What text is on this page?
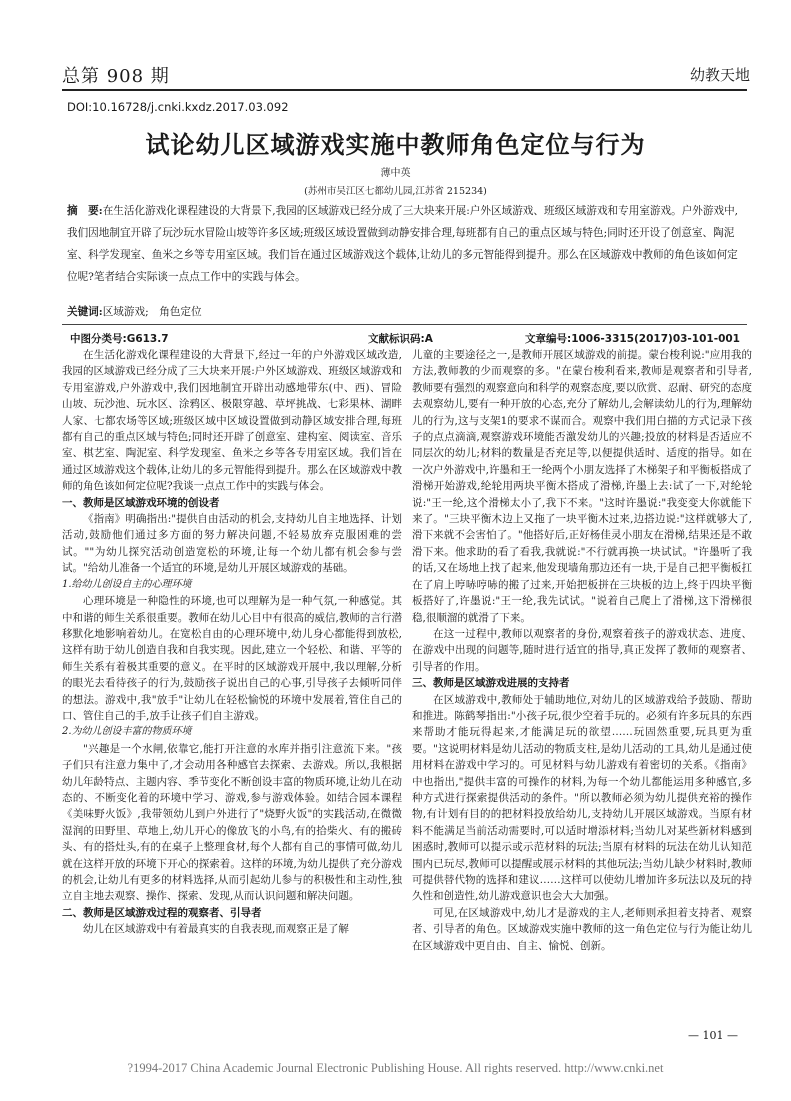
总第 908 期	幼教天地
DOI:10.16728/j.cnki.kxdz.2017.03.092
试论幼儿区域游戏实施中教师角色定位与行为
薄中英
(苏州市吴江区七都幼儿园,江苏省 215234)
摘　要:在生活化游戏化课程建设的大背景下,我园的区域游戏已经分成了三大块来开展:户外区域游戏、班级区域游戏和专用室游戏。户外游戏中,我们因地制宜开辟了玩沙玩水冒险山坡等许多区域;班级区域设置做到动静安排合理,每班都有自己的重点区域与特色;同时还开设了创意室、陶泥室、科学发现室、鱼米之乡等专用室区域。我们旨在通过区域游戏这个载体,让幼儿的多元智能得到提升。那么在区域游戏中教师的角色该如何定位呢?笔者结合实际谈一点点工作中的实践与体会。
关键词:区域游戏;　角色定位
中图分类号:G613.7	文献标识码:A	文章编号:1006-3315(2017)03-101-001

在生活化游戏化课程建设的大背景下,经过一年的户外游戏区域改造,我园的区域游戏已经分成了三大块来开展:户外区域游戏、班级区域游戏和专用室游戏,户外游戏中,我们因地制宜开辟出动感地带东(中、西)、冒险山坡、玩沙池、玩水区、涂鸦区、极限穿越、草坪挑战、七彩果林、湖畔人家、七都农场等区域;班级区域中区域设置做到动静区域安排合理,每班都有自己的重点区域与特色;同时还开辟了创意室、建构室、阅读室、音乐室、棋艺室、陶泥室、科学发现室、鱼米之乡等各专用室区域。我们旨在通过区域游戏这个载体,让幼儿的多元智能得到提升。那么在区域游戏中教师的角色该如何定位呢?我谈一点点工作中的实践与体会。

一、教师是区域游戏环境的创设者

《指南》明确指出:"提供自由活动的机会,支持幼儿自主地选择、计划活动,鼓励他们通过多方面的努力解决问题,不轻易放弃克服困难的尝试。""为幼儿探究活动创造宽松的环境,让每一个幼儿都有机会参与尝试。"给幼儿准备一个适宜的环境,是幼儿开展区域游戏的基础。

1.给幼儿创设自主的心理环境

心理环境是一种隐性的环境,也可以理解为是一种气氛,一种感觉。其中和谐的师生关系很重要。教师在幼儿心目中有很高的威信,教师的言行潜移默化地影响着幼儿。在宽松自由的心理环境中,幼儿身心都能得到放松,这样有助于幼儿创造自我和自我实现。因此,建立一个轻松、和谐、平等的师生关系有着极其重要的意义。在平时的区域游戏开展中,我以理解,分析的眼光去看待孩子的行为,鼓励孩子说出自己的心事,引导孩子去倾听同伴的想法。游戏中,我"放手"让幼儿在轻松愉悦的环境中发展着,管住自己的口、管住自己的手,放手让孩子们自主游戏。

2.为幼儿创设丰富的物质环境

"兴趣是一个水闸,依靠它,能打开注意的水库并指引注意流下来。"孩子们只有注意力集中了,才会动用各种感官去探索、去游戏。所以,我根据幼儿年龄特点、主题内容、季节变化不断创设丰富的物质环境,让幼儿在动态的、不断变化着的环境中学习、游戏,参与游戏体验。如结合园本课程《美味野火饭》,我带领幼儿到户外进行了"烧野火饭"的实践活动,在微微湿润的田野里、草地上,幼儿开心的像放飞的小鸟,有的拾柴火、有的搬砖头、有的搭灶头,有的在桌子上整理食材,每个人都有自己的事情可做,幼儿就在这样开放的环境下开心的探索着。这样的环境,为幼儿提供了充分游戏的机会,让幼儿有更多的材料选择,从而引起幼儿参与的积极性和主动性,独立自主地去观察、操作、探索、发现,从而认识问题和解决问题。

二、教师是区域游戏过程的观察者、引导者

幼儿在区域游戏中有着最真实的自我表现,而观察正是了解

儿童的主要途径之一,是教师开展区域游戏的前提。蒙台梭利说:"应用我的方法,教师教的少而观察的多。"在蒙台梭利看来,教师是观察者和引导者,教师要有强烈的观察意向和科学的观察态度,要以欣赏、忍耐、研究的态度去观察幼儿,要有一种开放的心态,充分了解幼儿,会解读幼儿的行为,理解幼儿的行为,这与支架1的要求不谋而合。观察中我们用白描的方式记录下孩子的点点滴滴,观察游戏环境能否激发幼儿的兴趣;投放的材料是否适应不同层次的幼儿;材料的数量是否充足等,以便提供适时、适度的指导。如在一次户外游戏中,许墨和王一纶两个小朋友选择了木梯架子和平衡板搭成了滑梯开始游戏,纶轮用两块平衡木搭成了滑梯,许墨上去:试了一下,对纶轮说:"王一纶,这个滑梯太小了,我下不来。"这时许墨说:"我变变大你就能下来了。"三块平衡木边上又拖了一块平衡木过来,边搭边说:"这样就够大了,滑下来就不会害怕了。"他搭好后,正好杨佳灵小朋友在滑梯,结果还是不敢滑下来。他求助的看了看我,我就说:"不行就再换一块试试。"许墨听了我的话,又在场地上找了起来,他发现墙角那边还有一块,于是自己把平衡板扛在了肩上哼哧哼哧的搬了过来,开始把板拼在三块板的边上,终于四块平衡板搭好了,许墨说:"王一纶,我先试试。"说着自己爬上了滑梯,这下滑梯很稳,很顺溜的就滑了下来。

在这一过程中,教师以观察者的身份,观察着孩子的游戏状态、进度、在游戏中出现的问题等,随时进行适宜的指导,真正发挥了教师的观察者、引导者的作用。

三、教师是区域游戏进展的支持者

在区域游戏中,教师处于辅助地位,对幼儿的区域游戏给予鼓励、帮助和推进。陈鹤琴指出:"小孩子玩,很少空着手玩的。必须有许多玩具的东西来帮助才能玩得起来,才能满足玩的欲望……玩固然重要,玩具更为重要。"这说明材料是幼儿活动的物质支柱,是幼儿活动的工具,幼儿是通过使用材料在游戏中学习的。可见材料与幼儿游戏有着密切的关系。《指南》中也指出,"提供丰富的可操作的材料,为每一个幼儿都能运用多种感官,多种方式进行探索提供活动的条件。"所以教师必须为幼儿提供充裕的操作物,有计划有目的的把材料投放给幼儿,支持幼儿开展区域游戏。当原有材料不能满足当前活动需要时,可以适时增添材料;当幼儿对某些新材料感到困惑时,教师可以提示或示范材料的玩法;当原有材料的玩法在幼儿认知范围内已玩尽,教师可以提醒或展示材料的其他玩法;当幼儿缺少材料时,教师可提供替代物的选择和建议……这样可以使幼儿增加许多玩法以及玩的持久性和创造性,幼儿游戏意识也会大大加强。

可见,在区域游戏中,幼儿才是游戏的主人,老师则承担着支持者、观察者、引导者的角色。区域游戏实施中教师的这一角色定位与行为能让幼儿在区域游戏中更自由、自主、愉悦、创新。

— 101 —
?1994-2017 China Academic Journal Electronic Publishing House. All rights reserved. http://www.cnki.net
